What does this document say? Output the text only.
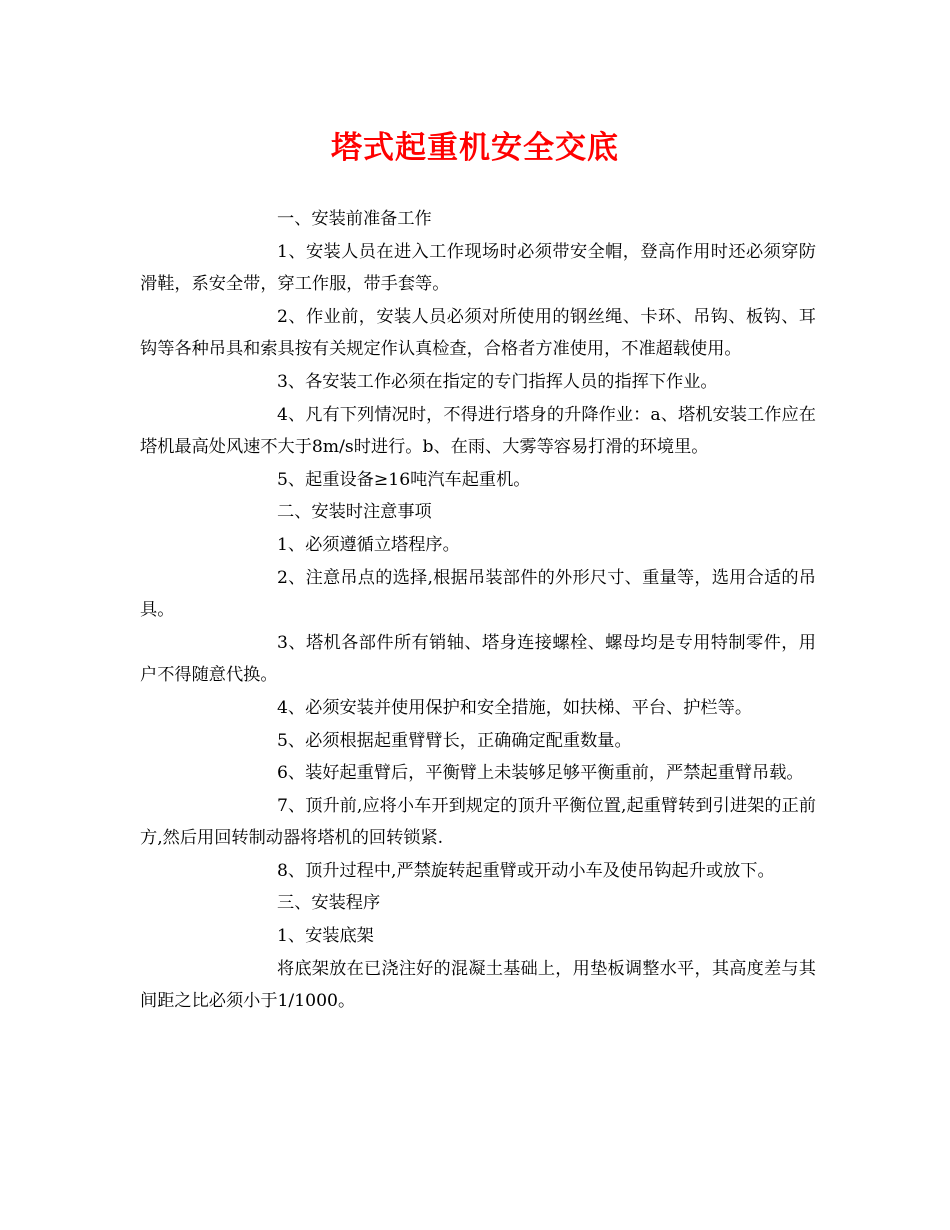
塔式起重机安全交底

一、安装前准备工作

1、安装人员在进入工作现场时必须带安全帽，登高作用时还必须穿防滑鞋，系安全带，穿工作服，带手套等。

2、作业前，安装人员必须对所使用的钢丝绳、卡环、吊钩、板钩、耳钩等各种吊具和索具按有关规定作认真检查，合格者方准使用，不准超载使用。

3、各安装工作必须在指定的专门指挥人员的指挥下作业。

4、凡有下列情况时，不得进行塔身的升降作业：a、塔机安装工作应在塔机最高处风速不大于8m/s时进行。b、在雨、大雾等容易打滑的环境里。

5、起重设备≥16吨汽车起重机。

二、安装时注意事项

1、必须遵循立塔程序。

2、注意吊点的选择,根据吊装部件的外形尺寸、重量等，选用合适的吊具。

3、塔机各部件所有销轴、塔身连接螺栓、螺母均是专用特制零件，用户不得随意代换。

4、必须安装并使用保护和安全措施，如扶梯、平台、护栏等。

5、必须根据起重臂臂长，正确确定配重数量。

6、装好起重臂后，平衡臂上未装够足够平衡重前，严禁起重臂吊载。

7、顶升前,应将小车开到规定的顶升平衡位置,起重臂转到引进架的正前方,然后用回转制动器将塔机的回转锁紧.

8、顶升过程中,严禁旋转起重臂或开动小车及使吊钩起升或放下。

三、安装程序

1、安装底架

将底架放在已浇注好的混凝土基础上，用垫板调整水平，其高度差与其间距之比必须小于1/1000。
